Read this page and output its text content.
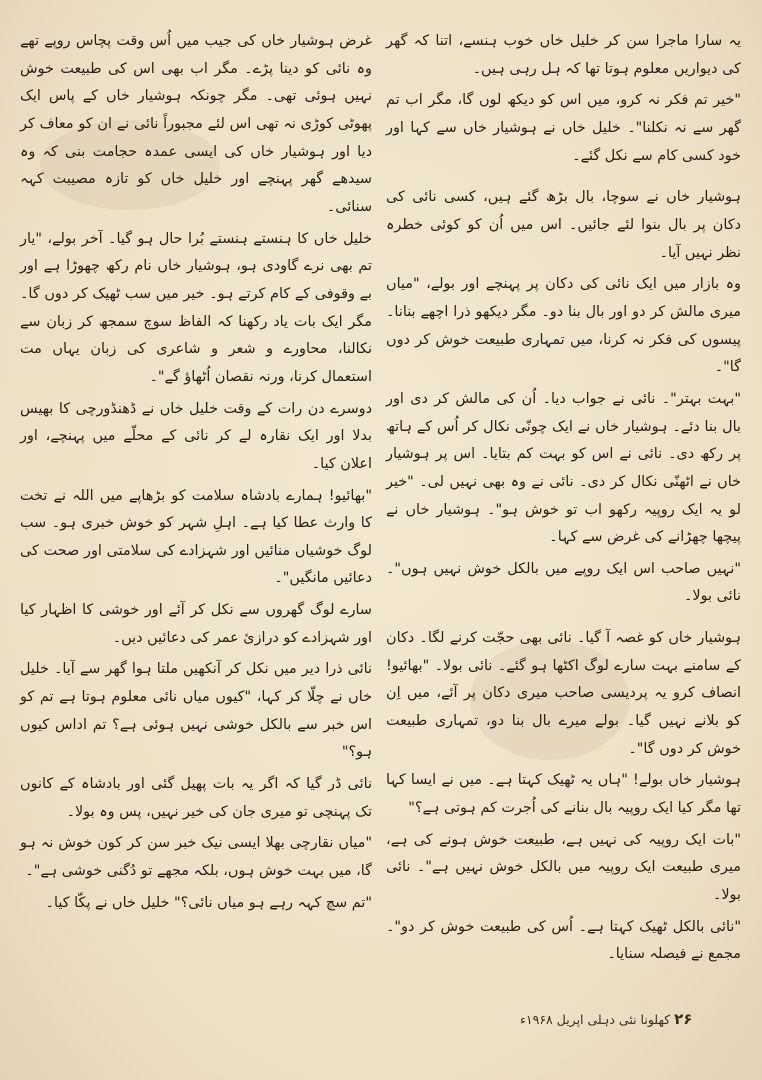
یہ سارا ماجرا سن کر خلیل خاں خوب ہنسے، اتنا کہ گھر کی دیواریں معلوم ہوتا تھا کہ ہل رہی ہیں۔

"خیر تم فکر نہ کرو، میں اس کو دیکھ لوں گا، مگر اب تم گھر سے نہ نکلنا"۔ خلیل خاں نے ہوشیار خاں سے کہا اور خود کسی کام سے نکل گئے۔

ہوشیار خاں نے سوچا، بال بڑھ گئے ہیں، کسی نائی کی دکان پر بال بنوا لئے جائیں۔ اس میں اُن کو کوئی خطرہ نظر نہیں آیا۔

وہ بازار میں ایک نائی کی دکان پر پہنچے اور بولے، "میاں میری مالش کر دو اور بال بنا دو۔ مگر دیکھو ذرا اچھے بنانا۔ پیسوں کی فکر نہ کرنا، میں تمہاری طبیعت خوش کر دوں گا"۔

"بہت بہتر"۔ نائی نے جواب دیا۔ اُن کی مالش کر دی اور بال بنا دئے۔ ہوشیار خاں نے ایک چونّی نکال کر اُس کے ہاتھ پر رکھ دی۔ نائی نے اس کو بہت کم بتایا۔ اس پر ہوشیار خاں نے اٹھنّی نکال کر دی۔ نائی نے وہ بھی نہیں لی۔ "خیر لو یہ ایک روپیہ رکھو اب تو خوش ہو"۔ ہوشیار خاں نے پیچھا چھڑانے کی غرض سے کہا۔

"نہیں صاحب اس ایک روپے میں بالکل خوش نہیں ہوں"۔ نائی بولا۔

ہوشیار خاں کو غصہ آ گیا۔ نائی بھی حجّت کرنے لگا۔ دکان کے سامنے بہت سارے لوگ اکٹھا ہو گئے۔ نائی بولا۔ "بھائیو! انصاف کرو یہ پردیسی صاحب میری دکان پر آئے، میں اِن کو بلانے نہیں گیا۔ بولے میرے بال بنا دو، تمہاری طبیعت خوش کر دوں گا"۔

ہوشیار خاں بولے! "ہاں یہ ٹھیک کہتا ہے۔ میں نے ایسا کہا تھا مگر کیا ایک روپیہ بال بنانے کی اُجرت کم ہوتی ہے؟"

"بات ایک روپیہ کی نہیں ہے، طبیعت خوش ہونے کی ہے، میری طبیعت ایک روپیہ میں بالکل خوش نہیں ہے"۔ نائی بولا۔

"نائی بالکل ٹھیک کہتا ہے۔ اُس کی طبیعت خوش کر دو"۔ مجمع نے فیصلہ سنایا۔

غرض ہوشیار خاں کی جیب میں اُس وقت پچاس روپے تھے وہ نائی کو دینا پڑے۔ مگر اب بھی اس کی طبیعت خوش نہیں ہوئی تھی۔ مگر چونکہ ہوشیار خاں کے پاس ایک پھوٹی کوڑی نہ تھی اس لئے مجبوراً نائی نے ان کو معاف کر دیا اور ہوشیار خاں کی ایسی عمدہ حجامت بنی کہ وہ سیدھے گھر پہنچے اور خلیل خاں کو تازہ مصیبت کہہ سنائی۔

خلیل خاں کا ہنستے ہنستے بُرا حال ہو گیا۔ آخر بولے، "یار تم بھی نرے گاودی ہو، ہوشیار خاں نام رکھ چھوڑا ہے اور بے وقوفی کے کام کرتے ہو۔ خیر میں سب ٹھیک کر دوں گا۔ مگر ایک بات یاد رکھنا کہ الفاظ سوچ سمجھ کر زبان سے نکالنا، محاورے و شعر و شاعری کی زبان یہاں مت استعمال کرنا، ورنہ نقصان اُٹھاؤ گے"۔

دوسرے دن رات کے وقت خلیل خاں نے ڈھنڈورچی کا بھیس بدلا اور ایک نقارہ لے کر نائی کے محلّے میں پہنچے، اور اعلان کیا۔

"بھائیو! ہمارے بادشاہ سلامت کو بڑھاپے میں اللہ نے تخت کا وارث عطا کیا ہے۔ اہلِ شہر کو خوش خبری ہو۔ سب لوگ خوشیاں منائیں اور شہزادے کی سلامتی اور صحت کی دعائیں مانگیں"۔

سارے لوگ گھروں سے نکل کر آئے اور خوشی کا اظہار کیا اور شہزادے کو درازیٔ عمر کی دعائیں دیں۔

نائی ذرا دیر میں نکل کر آنکھیں ملتا ہوا گھر سے آیا۔ خلیل خاں نے چلّا کر کہا، "کیوں میاں نائی معلوم ہوتا ہے تم کو اس خبر سے بالکل خوشی نہیں ہوئی ہے؟ تم اداس کیوں ہو؟"

نائی ڈر گیا کہ اگر یہ بات پھیل گئی اور بادشاہ کے کانوں تک پہنچی تو میری جان کی خیر نہیں، پس وہ بولا۔

"میاں نقارچی بھلا ایسی نیک خبر سن کر کون خوش نہ ہو گا، میں بہت خوش ہوں، بلکہ مجھے تو دُگنی خوشی ہے"۔

"تم سچ کہہ رہے ہو میاں نائی؟" خلیل خاں نے پکّا کیا۔

۲۶ کھلونا نئی دہلی اپریل ۱۹۶۸ء
